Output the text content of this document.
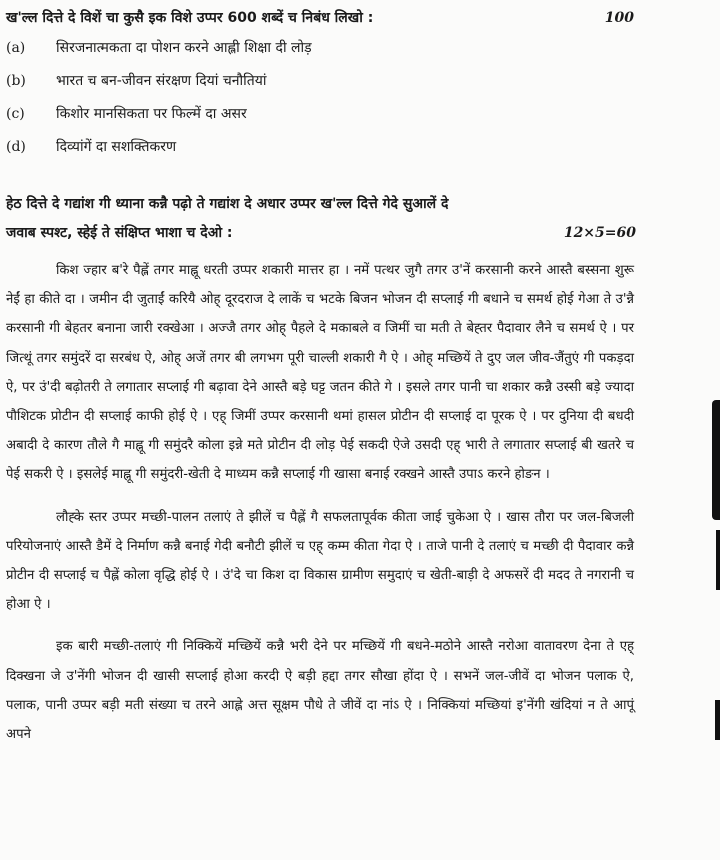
ख'ल्ल दित्ते दे विशें चा कुसै इक विशे उप्पर 600 शब्दें च निबंध लिखो :	100
(a)	सिरजनात्मकता दा पोशन करने आह्ली शिक्षा दी लोड़
(b)	भारत च बन-जीवन संरक्षण दियां चनौतियां
(c)	किशोर मानसिकता पर फिल्में दा असर
(d)	दिव्यांगें दा सशक्तिकरण
हेठ दित्ते दे गद्यांश गी ध्याना कन्नै पढ़ो ते गद्यांश दे अधार उप्पर ख'ल्ल दित्ते गेदे सुआलें दे
जवाब स्पश्ट, स्हेई ते संक्षिप्त भाशा च देओ :	12×5=60

किश ज्हार ब'रे पैह्लें तगर माह्नू धरती उप्पर शकारी मात्तर हा । नमें पत्थर जुगै तगर उ'नें करसानी करने आस्तै बस्सना शुरू नेईं हा कीते दा । जमीन दी जुताईं करियै ओह् दूरदराज दे लाकें च भटके बिजन भोजन दी सप्लाई गी बधाने च समर्थ होई गेआ ते उ'न्नै करसानी गी बेहतर बनाना जारी रक्खेआ । अज्जै तगर ओह् पैहले दे मकाबले व जिमीं चा मती ते बेह्तर पैदावार लैने च समर्थ ऐ । पर जित्थूं तगर समुंदरें दा सरबंध ऐ, ओह् अजें तगर बी लगभग पूरी चाल्ली शकारी गै ऐ । ओह् मच्छियें ते दुए जल जीव-जैंतुएं गी पकड़दा ऐ, पर उं'दी बढ़ोतरी ते लगातार सप्लाई गी बढ़ावा देने आस्तै बड़े घट्ट जतन कीते गे । इसले तगर पानी चा शकार कन्नै उस्सी बड़े ज्यादा पौशिटक प्रोटीन दी सप्लाई काफी होई ऐ । एह् जिमीं उप्पर करसानी थमां हासल प्रोटीन दी सप्लाई दा पूरक ऐ । पर दुनिया दी बधदी अबादी दे कारण तौले गै माह्नू गी समुंदरै कोला इन्ने मते प्रोटीन दी लोड़ पेई सकदी ऐजे उसदी एह् भारी ते लगातार सप्लाई बी खतरे च पेई सकरी ऐ । इसलेई माह्नू गी समुंदरी-खेती दे माध्यम कन्नै सप्लाई गी खासा बनाई रक्खने आस्तै उपाऽ करने होङन ।

लौह्के स्तर उप्पर मच्छी-पालन तलाएं ते झीलें च पैह्लें गै सफलतापूर्वक कीता जाई चुकेआ ऐ । खास तौरा पर जल-बिजली परियोजनाएं आस्तै डैमें दे निर्माण कन्नै बनाई गेदी बनौटी झीलें च एह् कम्म कीता गेदा ऐ । ताजे पानी दे तलाएं च मच्छी दी पैदावार कन्नै प्रोटीन दी सप्लाई च पैह्लें कोला वृद्धि होई ऐ । उं'दे चा किश दा विकास ग्रामीण समुदाएं च खेती-बाड़ी दे अफसरें दी मदद ते नगरानी च होआ ऐ ।

इक बारी मच्छी-तलाएं गी निक्कियें मच्छियें कन्नै भरी देने पर मच्छियें गी बधने-मठोने आस्तै नरोआ वातावरण देना ते एह् दिक्खना जे उ'नेंगी भोजन दी खासी सप्लाई होआ करदी ऐ बड़ी हद्दा तगर सौखा होंदा ऐ । सभनें जल-जीवें दा भोजन पलाक ऐ, पलाक, पानी उप्पर बड़ी मती संख्या च तरने आह्ले अत्त सूक्षम पौधे ते जीवें दा नांऽ ऐ । निक्कियां मच्छियां इ'नेंगी खंदियां न ते आपूं अपने
